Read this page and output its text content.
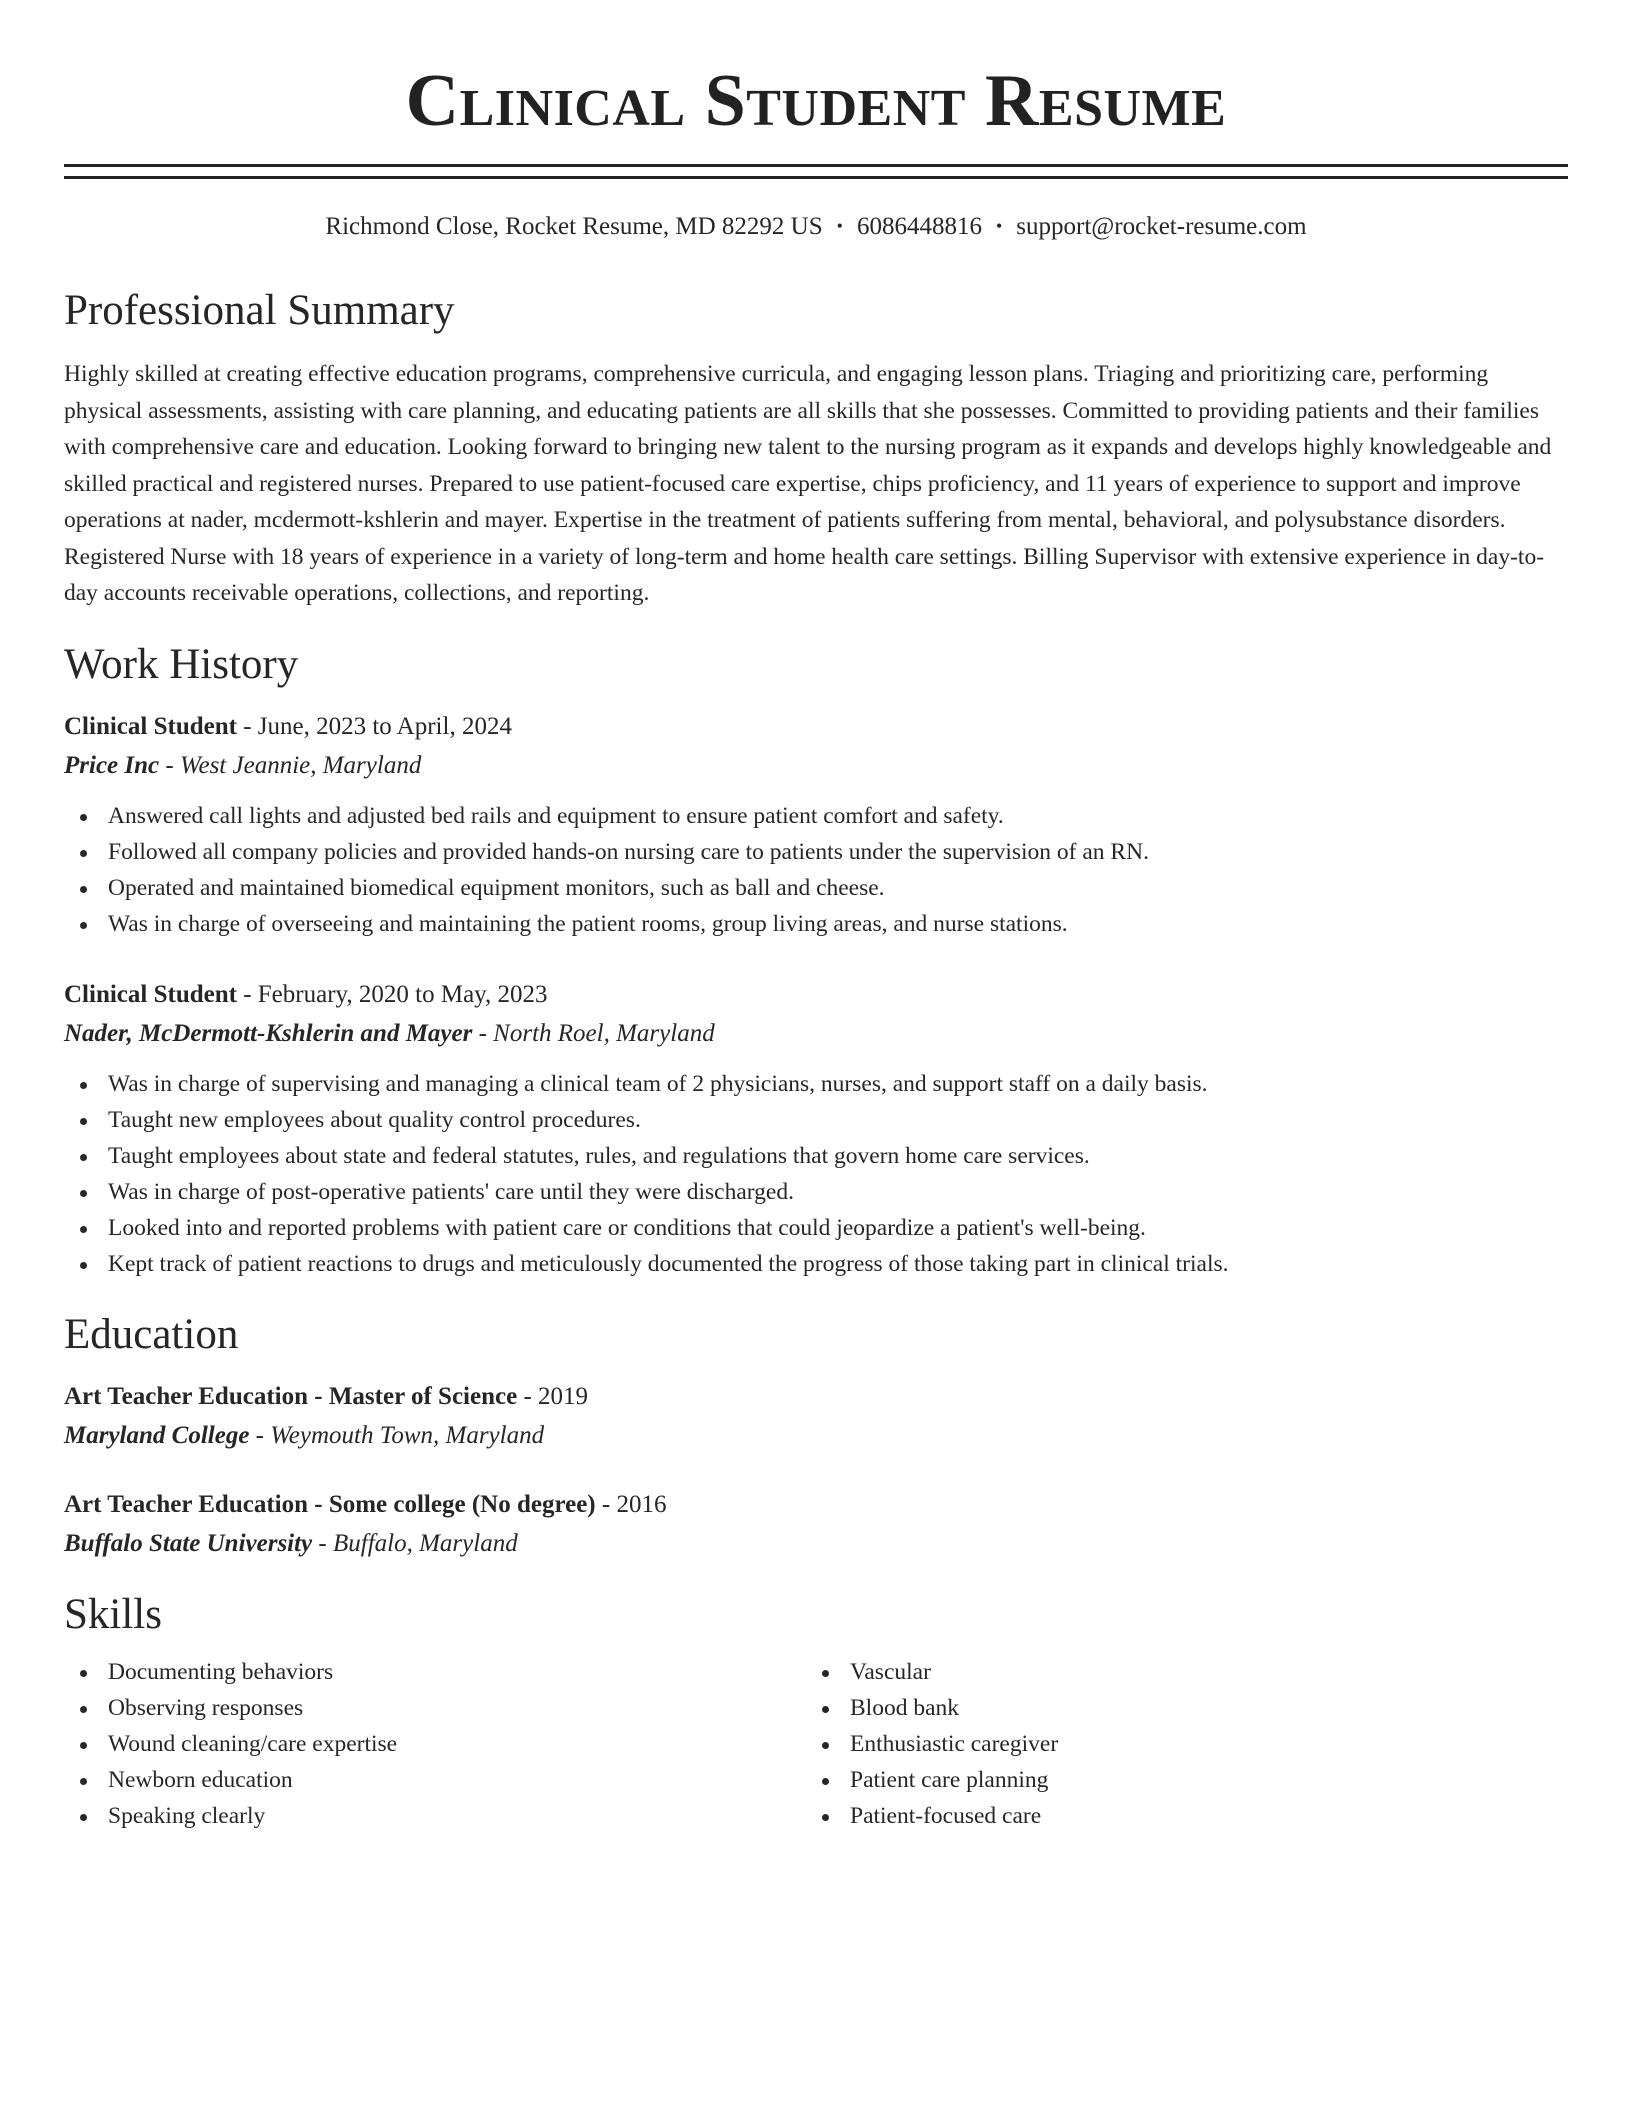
Clinical Student Resume
Richmond Close, Rocket Resume, MD 82292 US • 6086448816 • support@rocket-resume.com
Professional Summary

Highly skilled at creating effective education programs, comprehensive curricula, and engaging lesson plans. Triaging and prioritizing care, performing physical assessments, assisting with care planning, and educating patients are all skills that she possesses. Committed to providing patients and their families with comprehensive care and education. Looking forward to bringing new talent to the nursing program as it expands and develops highly knowledgeable and skilled practical and registered nurses. Prepared to use patient-focused care expertise, chips proficiency, and 11 years of experience to support and improve operations at nader, mcdermott-kshlerin and mayer. Expertise in the treatment of patients suffering from mental, behavioral, and polysubstance disorders. Registered Nurse with 18 years of experience in a variety of long-term and home health care settings. Billing Supervisor with extensive experience in day-to-day accounts receivable operations, collections, and reporting.

Work History
Clinical Student - June, 2023 to April, 2024
Price Inc - West Jeannie, Maryland
Answered call lights and adjusted bed rails and equipment to ensure patient comfort and safety.
Followed all company policies and provided hands-on nursing care to patients under the supervision of an RN.
Operated and maintained biomedical equipment monitors, such as ball and cheese.
Was in charge of overseeing and maintaining the patient rooms, group living areas, and nurse stations.
Clinical Student - February, 2020 to May, 2023
Nader, McDermott-Kshlerin and Mayer - North Roel, Maryland
Was in charge of supervising and managing a clinical team of 2 physicians, nurses, and support staff on a daily basis.
Taught new employees about quality control procedures.
Taught employees about state and federal statutes, rules, and regulations that govern home care services.
Was in charge of post-operative patients' care until they were discharged.
Looked into and reported problems with patient care or conditions that could jeopardize a patient's well-being.
Kept track of patient reactions to drugs and meticulously documented the progress of those taking part in clinical trials.
Education
Art Teacher Education - Master of Science - 2019
Maryland College - Weymouth Town, Maryland
Art Teacher Education - Some college (No degree) - 2016
Buffalo State University - Buffalo, Maryland
Skills
Documenting behaviors
Observing responses
Wound cleaning/care expertise
Newborn education
Speaking clearly
Vascular
Blood bank
Enthusiastic caregiver
Patient care planning
Patient-focused care
